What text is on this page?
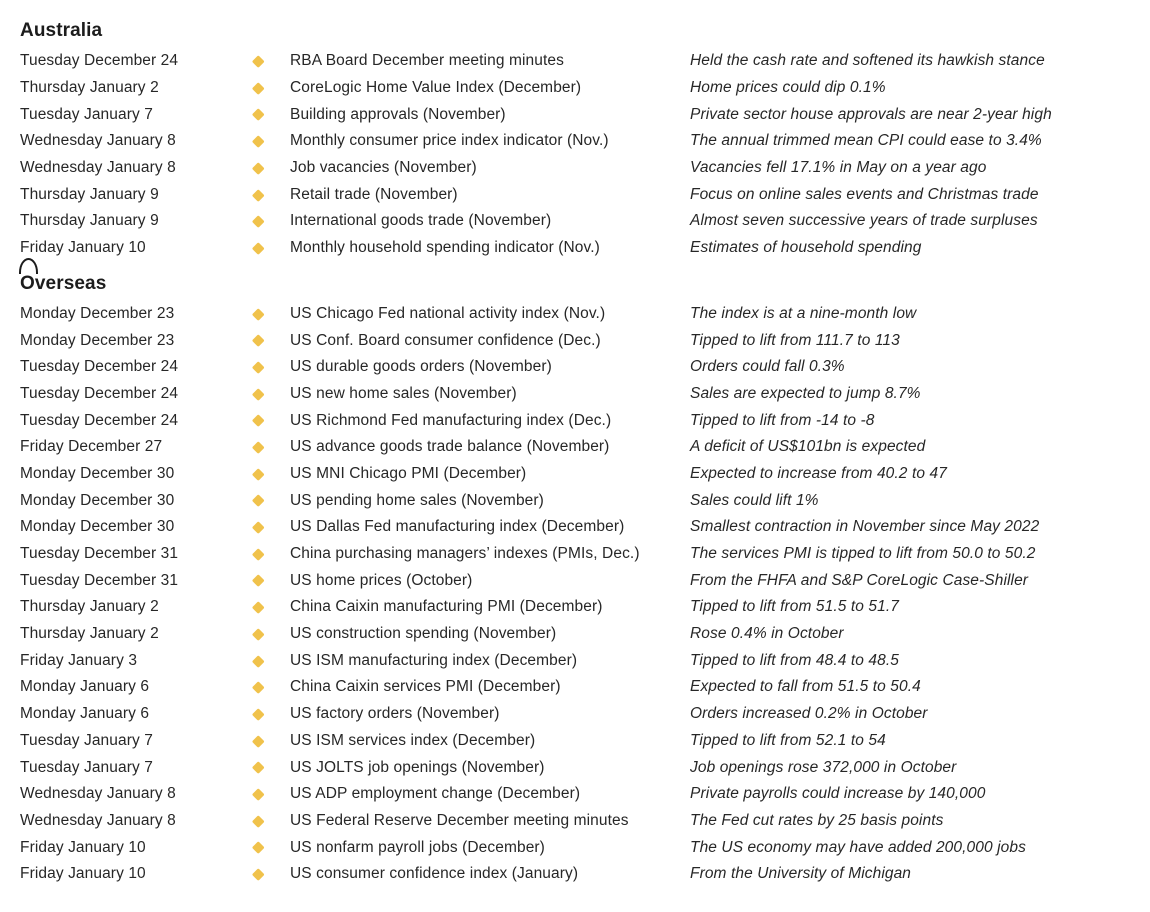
Australia
Tuesday December 24	RBA Board December meeting minutes	Held the cash rate and softened its hawkish stance
Thursday January 2	CoreLogic Home Value Index (December)	Home prices could dip 0.1%
Tuesday January 7	Building approvals (November)	Private sector house approvals are near 2-year high
Wednesday January 8	Monthly consumer price index indicator (Nov.)	The annual trimmed mean CPI could ease to 3.4%
Wednesday January 8	Job vacancies (November)	Vacancies fell 17.1% in May on a year ago
Thursday January 9	Retail trade (November)	Focus on online sales events and Christmas trade
Thursday January 9	International goods trade (November)	Almost seven successive years of trade surpluses
Friday January 10	Monthly household spending indicator (Nov.)	Estimates of household spending
Overseas
Monday December 23	US Chicago Fed national activity index (Nov.)	The index is at a nine-month low
Monday December 23	US Conf. Board consumer confidence (Dec.)	Tipped to lift from 111.7 to 113
Tuesday December 24	US durable goods orders (November)	Orders could fall 0.3%
Tuesday December 24	US new home sales (November)	Sales are expected to jump 8.7%
Tuesday December 24	US Richmond Fed manufacturing index (Dec.)	Tipped to lift from -14 to -8
Friday December 27	US advance goods trade balance (November)	A deficit of US$101bn is expected
Monday December 30	US MNI Chicago PMI (December)	Expected to increase from 40.2 to 47
Monday December 30	US pending home sales (November)	Sales could lift 1%
Monday December 30	US Dallas Fed manufacturing index (December)	Smallest contraction in November since May 2022
Tuesday December 31	China purchasing managers’ indexes (PMIs, Dec.)	The services PMI is tipped to lift from 50.0 to 50.2
Tuesday December 31	US home prices (October)	From the FHFA and S&P CoreLogic Case-Shiller
Thursday January 2	China Caixin manufacturing PMI (December)	Tipped to lift from 51.5 to 51.7
Thursday January 2	US construction spending (November)	Rose 0.4% in October
Friday January 3	US ISM manufacturing index (December)	Tipped to lift from 48.4 to 48.5
Monday January 6	China Caixin services PMI (December)	Expected to fall from 51.5 to 50.4
Monday January 6	US factory orders (November)	Orders increased 0.2% in October
Tuesday January 7	US ISM services index (December)	Tipped to lift from 52.1 to 54
Tuesday January 7	US JOLTS job openings (November)	Job openings rose 372,000 in October
Wednesday January 8	US ADP employment change (December)	Private payrolls could increase by 140,000
Wednesday January 8	US Federal Reserve December meeting minutes	The Fed cut rates by 25 basis points
Friday January 10	US nonfarm payroll jobs (December)	The US economy may have added 200,000 jobs
Friday January 10	US consumer confidence index (January)	From the University of Michigan
